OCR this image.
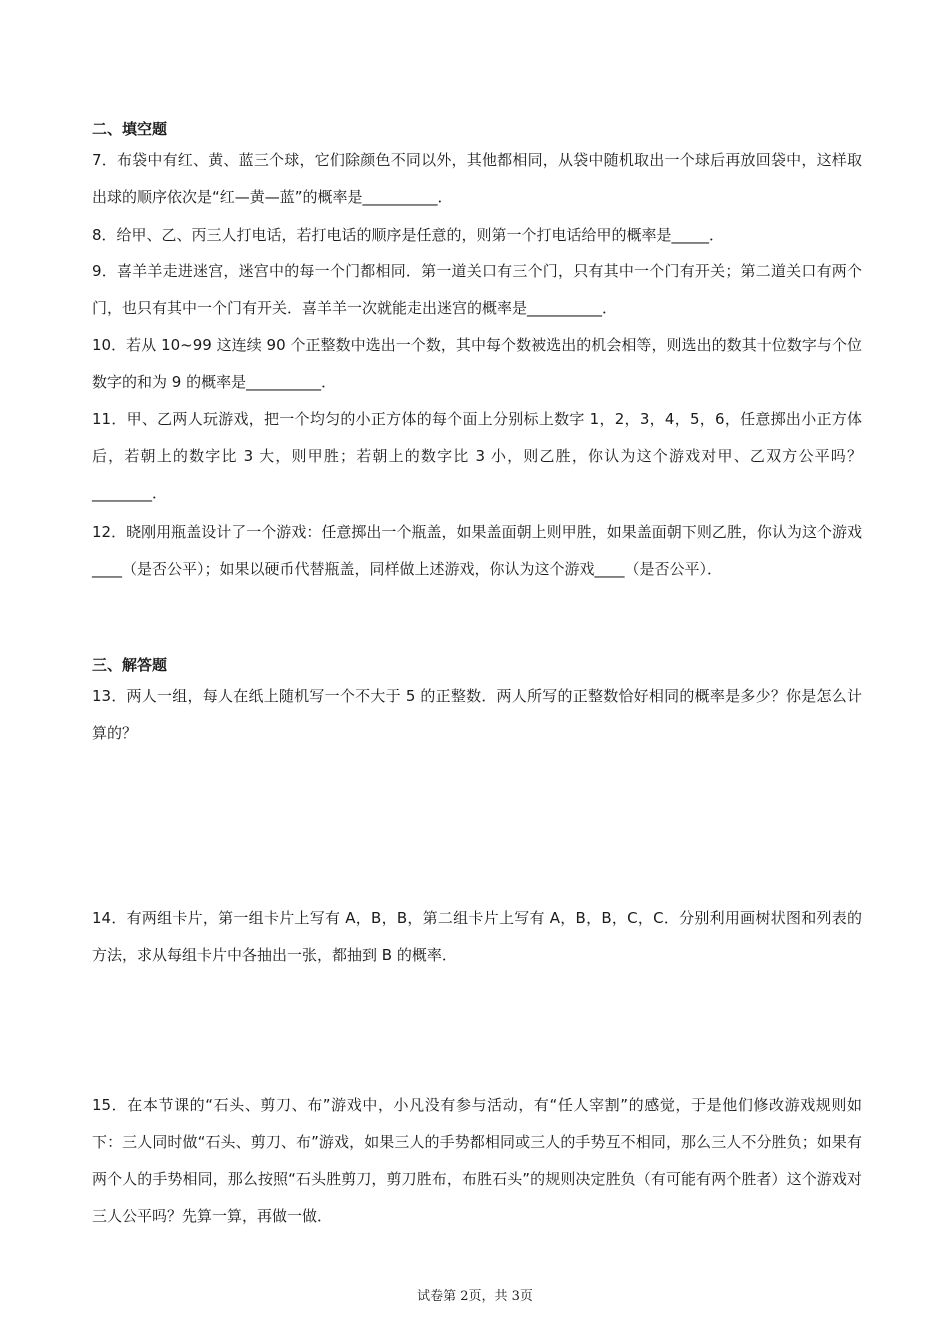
二、填空题
7．布袋中有红、黄、蓝三个球，它们除颜色不同以外，其他都相同，从袋中随机取出一个球后再放回袋中，这样取出球的顺序依次是“红—黄—蓝”的概率是__________．
8．给甲、乙、丙三人打电话，若打电话的顺序是任意的，则第一个打电话给甲的概率是_____．
9．喜羊羊走进迷宫，迷宫中的每一个门都相同．第一道关口有三个门，只有其中一个门有开关；第二道关口有两个门，也只有其中一个门有开关．喜羊羊一次就能走出迷宫的概率是__________．
10．若从 10~99 这连续 90 个正整数中选出一个数，其中每个数被选出的机会相等，则选出的数其十位数字与个位数字的和为 9 的概率是__________．
11．甲、乙两人玩游戏，把一个均匀的小正方体的每个面上分别标上数字 1，2，3，4，5，6，任意掷出小正方体后，若朝上的数字比 3 大，则甲胜；若朝上的数字比 3 小，则乙胜，你认为这个游戏对甲、乙双方公平吗？________．
12．晓刚用瓶盖设计了一个游戏：任意掷出一个瓶盖，如果盖面朝上则甲胜，如果盖面朝下则乙胜，你认为这个游戏____（是否公平）；如果以硬币代替瓶盖，同样做上述游戏，你认为这个游戏____（是否公平）．
三、解答题
13．两人一组，每人在纸上随机写一个不大于 5 的正整数．两人所写的正整数恰好相同的概率是多少？你是怎么计算的？
14．有两组卡片，第一组卡片上写有 A，B，B，第二组卡片上写有 A，B，B，C，C．分别利用画树状图和列表的方法，求从每组卡片中各抽出一张，都抽到 B 的概率．
15．在本节课的“石头、剪刀、布”游戏中，小凡没有参与活动，有“任人宰割”的感觉，于是他们修改游戏规则如下：三人同时做“石头、剪刀、布”游戏，如果三人的手势都相同或三人的手势互不相同，那么三人不分胜负；如果有两个人的手势相同，那么按照“石头胜剪刀，剪刀胜布，布胜石头”的规则决定胜负（有可能有两个胜者）这个游戏对三人公平吗？先算一算，再做一做．
试卷第 2页，共 3页
